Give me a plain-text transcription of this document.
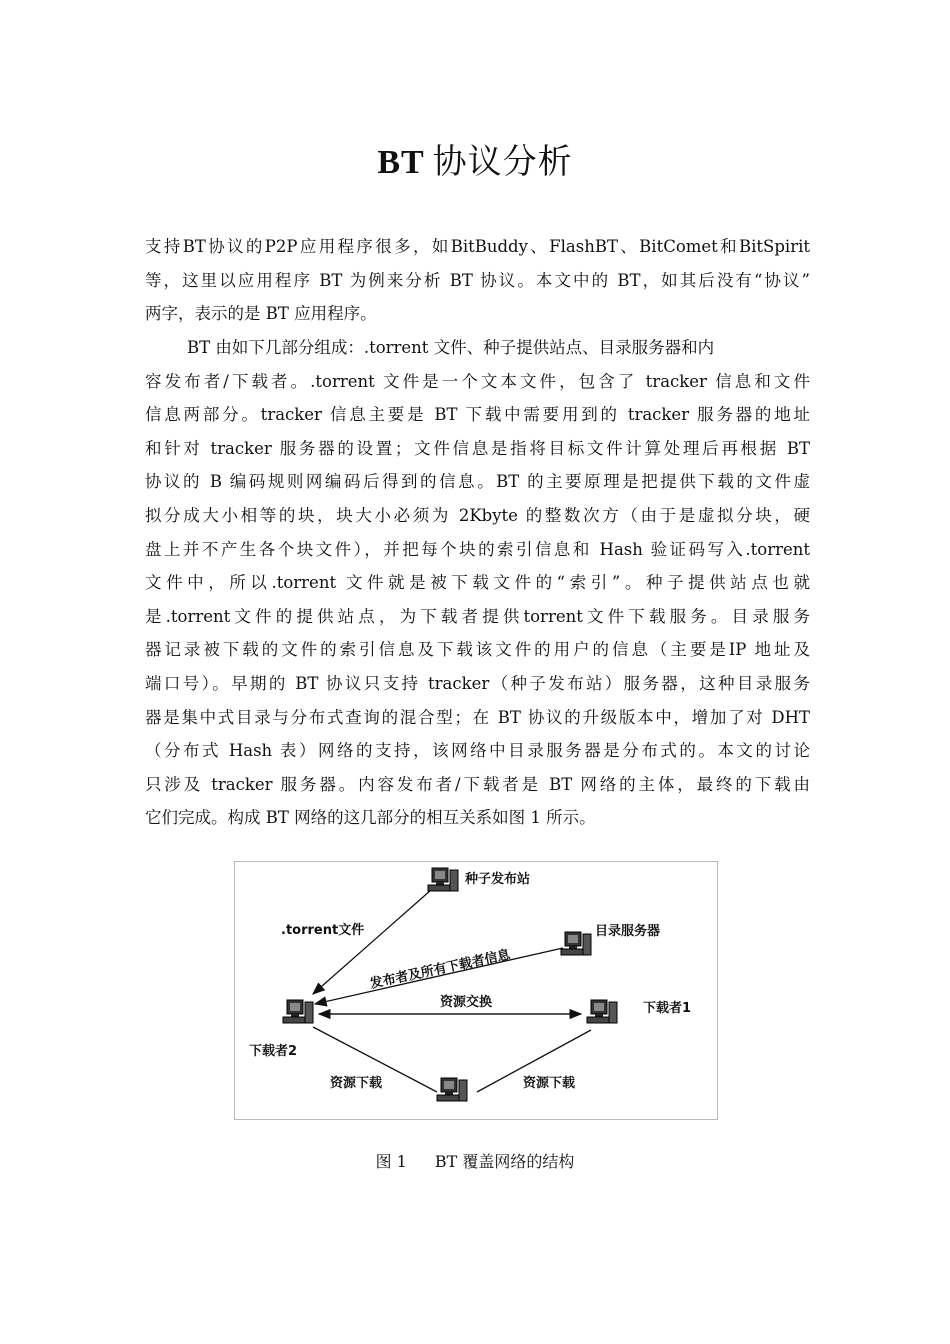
BT 协议分析
支持BT协议的P2P应用程序很多，如BitBuddy、FlashBT、BitComet和BitSpirit
等，这里以应用程序 BT 为例来分析 BT 协议。本文中的 BT，如其后没有“协议”
两字，表示的是 BT 应用程序。
BT 由如下几部分组成：.torrent 文件、种子提供站点、目录服务器和内
容发布者/下载者。.torrent 文件是一个文本文件，包含了 tracker 信息和文件
信息两部分。tracker 信息主要是 BT 下载中需要用到的 tracker 服务器的地址
和针对 tracker 服务器的设置；文件信息是指将目标文件计算处理后再根据 BT
协议的 B 编码规则网编码后得到的信息。BT 的主要原理是把提供下载的文件虚
拟分成大小相等的块，块大小必须为 2Kbyte 的整数次方（由于是虚拟分块，硬
盘上并不产生各个块文件），并把每个块的索引信息和 Hash 验证码写入.torrent
文件中，所以.torrent 文件就是被下载文件的“索引”。种子提供站点也就
是.torrent文件的提供站点，为下载者提供torrent文件下载服务。目录服务
器记录被下载的文件的索引信息及下载该文件的用户的信息（主要是IP 地址及
端口号）。早期的 BT 协议只支持 tracker（种子发布站）服务器，这种目录服务
器是集中式目录与分布式查询的混合型；在 BT 协议的升级版本中，增加了对 DHT
（分布式 Hash 表）网络的支持，该网络中目录服务器是分布式的。本文的讨论
只涉及 tracker 服务器。内容发布者/下载者是 BT 网络的主体，最终的下载由
它们完成。构成 BT 网络的这几部分的相互关系如图 1 所示。
种子发布站
目录服务器
下载者1
下载者2
.torrent文件
发布者及所有下载者信息
资源交换
资源下载	资源下载
图 1 BT 覆盖网络的结构
